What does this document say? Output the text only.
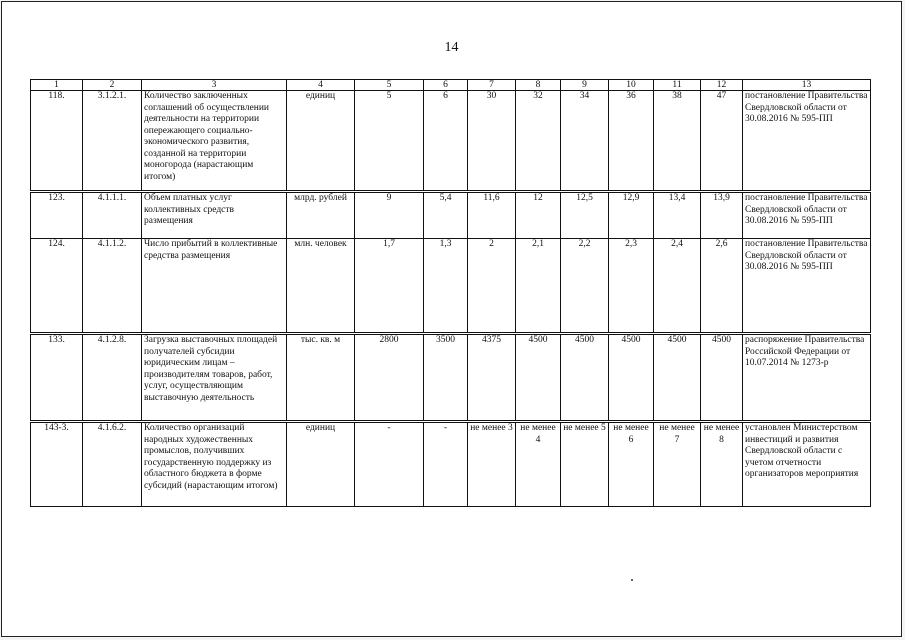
14
1	2	3	4	5	6	7	8	9	10	11	12	13
118.	3.1.2.1.	Количество заключенных соглашений об осуществлении деятельности на территории опережающего социально-экономического развития, созданной на территории моногорода (нарастающим итогом)	единиц	5	6	30	32	34	36	38	47	постановление Правительства Свердловской области от 30.08.2016 № 595-ПП

123.	4.1.1.1.	Объем платных услуг коллективных средств размещения	млрд. рублей	9	5,4	11,6	12	12,5	12,9	13,4	13,9	постановление Правительства Свердловской области от 30.08.2016 № 595-ПП
124.	4.1.1.2.	Число прибытий в коллективные средства размещения	млн. человек	1,7	1,3	2	2,1	2,2	2,3	2,4	2,6	постановление Правительства Свердловской области от 30.08.2016 № 595-ПП

133.	4.1.2.8.	Загрузка выставочных площадей получателей субсидии юридическим лицам – производителям товаров, работ, услуг, осуществляющим выставочную деятельность	тыс. кв. м	2800	3500	4375	4500	4500	4500	4500	4500	распоряжение Правительства Российской Федерации от 10.07.2014 № 1273-р

143-3.	4.1.6.2.	Количество организаций народных художественных промыслов, получивших государственную поддержку из областного бюджета в форме субсидий (нарастающим итогом)	единиц	-	-	не менее 3	не менее 4	не менее 5	не менее 6	не менее 7	не менее 8	установлен Министерством инвестиций и развития Свердловской области с учетом отчетности организаторов мероприятия
